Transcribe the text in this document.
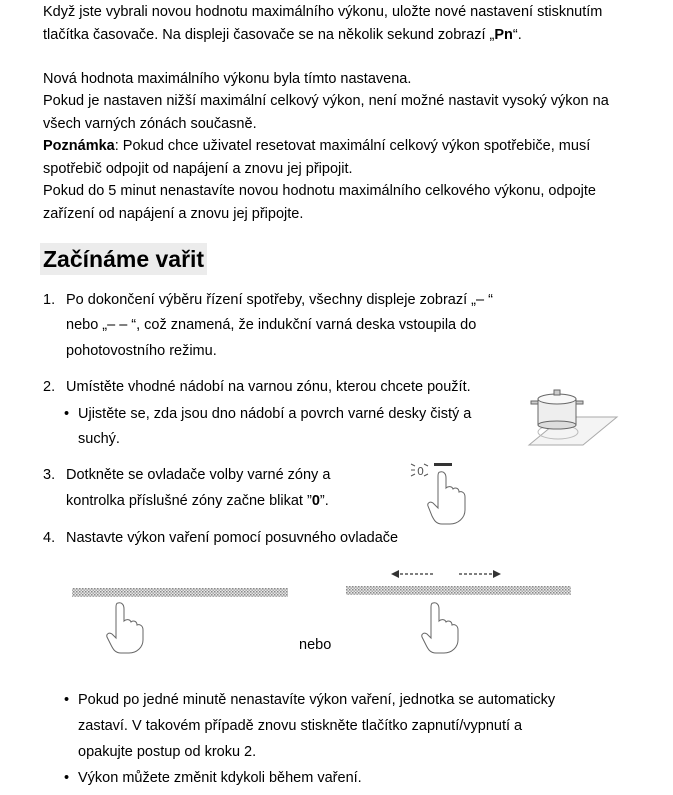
Když jste vybrali novou hodnotu maximálního výkonu, uložte nové nastavení stisknutím tlačítka časovače. Na displeji časovače se na několik sekund zobrazí „Pn“.

Nová hodnota maximálního výkonu byla tímto nastavena.

Pokud je nastaven nižší maximální celkový výkon, není možné nastavit vysoký výkon na všech varných zónách současně.

Poznámka: Pokud chce uživatel resetovat maximální celkový výkon spotřebiče, musí spotřebič odpojit od napájení a znovu jej připojit.

Pokud do 5 minut nenastavíte novou hodnotu maximálního celkového výkonu, odpojte zařízení od napájení a znovu jej připojte.

Začínáme vařit
1. Po dokončení výběru řízení spotřeby, všechny displeje zobrazí „– “
nebo „– – “, což znamená, že indukční varná deska vstoupila do
pohotovostního režimu.
2. Umístěte vhodné nádobí na varnou zónu, kterou chcete použít.
• Ujistěte se, zda jsou dno nádobí a povrch varné desky čistý a
suchý.
3. Dotkněte se ovladače volby varné zóny a
kontrolka příslušné zóny začne blikat ”0”.
0
4. Nastavte výkon vaření pomocí posuvného ovladače
nebo
• Pokud po jedné minutě nenastavíte výkon vaření, jednotka se automaticky
zastaví. V takovém případě znovu stiskněte tlačítko zapnutí/vypnutí a
opakujte postup od kroku 2.
• Výkon můžete změnit kdykoli během vaření.
